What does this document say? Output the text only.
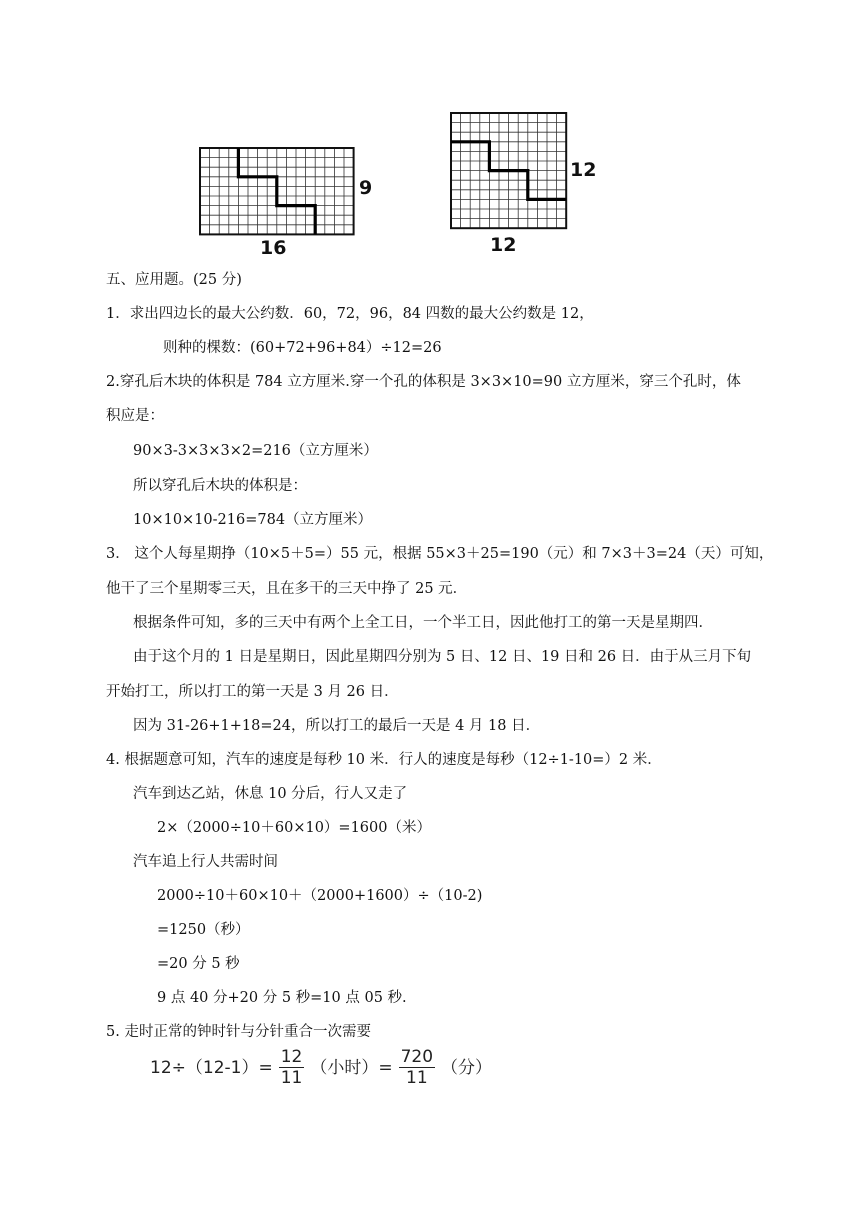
16
9
12
12
五、应用题。(25 分)
1．求出四边长的最大公约数．60，72，96，84 四数的最大公约数是 12，
则种的棵数：(60+72+96+84）÷12=26
2.穿孔后木块的体积是 784 立方厘米.穿一个孔的体积是 3×3×10=90 立方厘米，穿三个孔时，体
积应是：
90×3-3×3×3×2=216（立方厘米）
所以穿孔后木块的体积是：
10×10×10-216=784（立方厘米）
3． 这个人每星期挣（10×5＋5=）55 元，根据 55×3＋25=190（元）和 7×3＋3=24（天）可知，
他干了三个星期零三天，且在多干的三天中挣了 25 元．
根据条件可知，多的三天中有两个上全工日，一个半工日，因此他打工的第一天是星期四．
由于这个月的 1 日是星期日，因此星期四分别为 5 日、12 日、19 日和 26 日．由于从三月下旬
开始打工，所以打工的第一天是 3 月 26 日．
因为 31-26+1+18=24，所以打工的最后一天是 4 月 18 日．
4. 根据题意可知，汽车的速度是每秒 10 米．行人的速度是每秒（12÷1-10=）2 米．
汽车到达乙站，休息 10 分后，行人又走了
2×（2000÷10＋60×10）=1600（米）
汽车追上行人共需时间
2000÷10＋60×10＋（2000+1600）÷（10-2)
=1250（秒）
=20 分 5 秒
9 点 40 分+20 分 5 秒=10 点 05 秒.
5. 走时正常的钟时针与分针重合一次需要
$12\div(12-1)= \frac{12}{11}$ （小时）= $\frac{720}{11}$ （分）
